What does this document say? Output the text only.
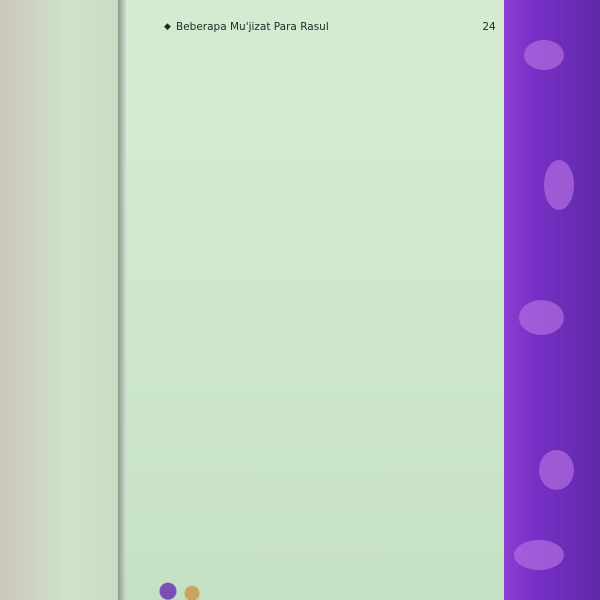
◆ Beberapa Mu'jizat Para Rasul	24
